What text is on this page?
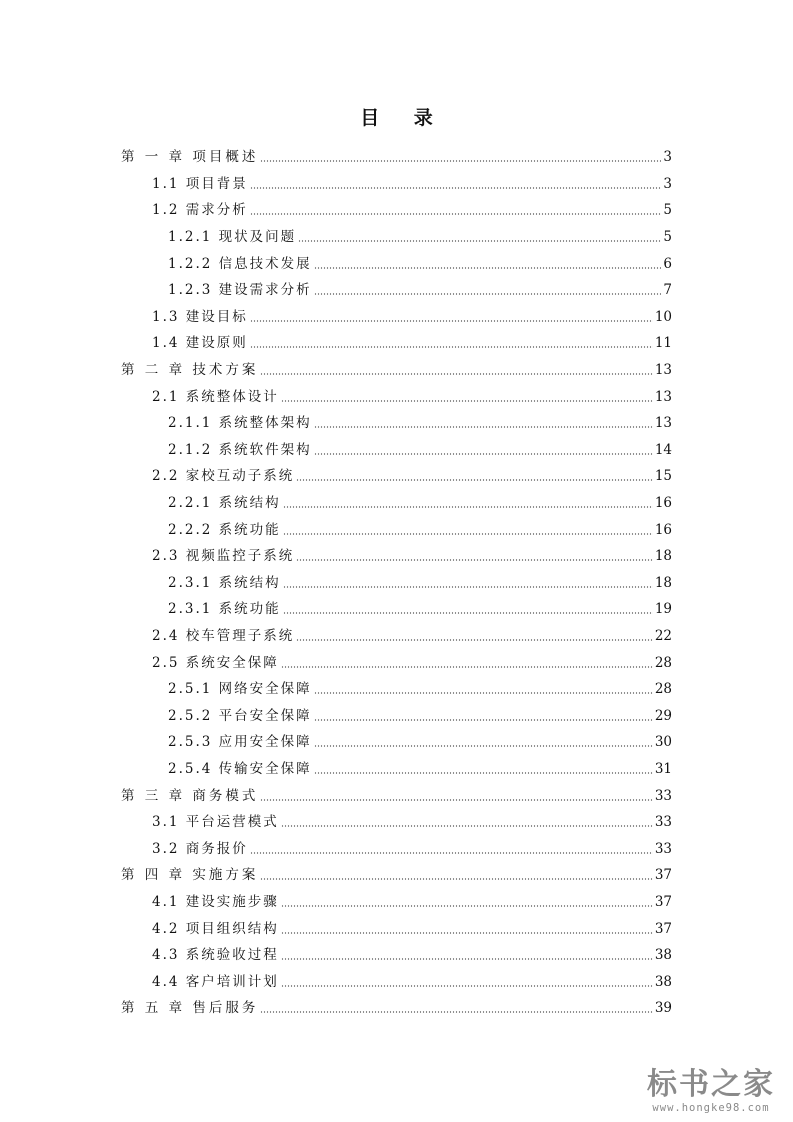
目 录
第 一 章 项目概述	3
1.1 项目背景	3
1.2 需求分析	5
1.2.1 现状及问题	5
1.2.2 信息技术发展	6
1.2.3 建设需求分析	7
1.3 建设目标	10
1.4 建设原则	11
第 二 章 技术方案	13
2.1 系统整体设计	13
2.1.1 系统整体架构	13
2.1.2 系统软件架构	14
2.2 家校互动子系统	15
2.2.1 系统结构	16
2.2.2 系统功能	16
2.3 视频监控子系统	18
2.3.1 系统结构	18
2.3.1 系统功能	19
2.4 校车管理子系统	22
2.5 系统安全保障	28
2.5.1 网络安全保障	28
2.5.2 平台安全保障	29
2.5.3 应用安全保障	30
2.5.4 传输安全保障	31
第 三 章 商务模式	33
3.1 平台运营模式	33
3.2 商务报价	33
第 四 章 实施方案	37
4.1 建设实施步骤	37
4.2 项目组织结构	37
4.3 系统验收过程	38
4.4 客户培训计划	38
第 五 章 售后服务	39
标书之家
www.hongke98.com
